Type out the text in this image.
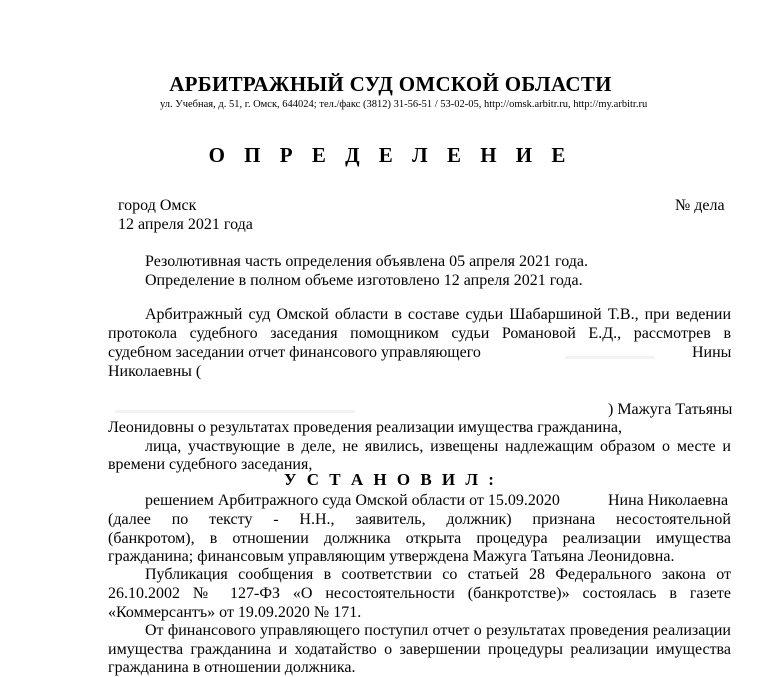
АРБИТРАЖНЫЙ СУД ОМСКОЙ ОБЛАСТИ
ул. Учебная, д. 51, г. Омск, 644024; тел./факс (3812) 31-56-51 / 53-02-05, http://omsk.arbitr.ru, http://my.arbitr.ru
О П Р Е Д Е Л Е Н И Е
город Омск
12 апреля 2021 года
№ дела
Резолютивная часть определения объявлена 05 апреля 2021 года.
Определение в полном объеме изготовлено 12 апреля 2021 года.
Арбитражный суд Омской области в составе судьи Шабаршиной Т.В., при ведении
протокола судебного заседания помощником судьи Романовой Е.Д., рассмотрев в
судебном заседании отчет финансового управляющего	Нины
Николаевны (
) Мажуга Татьяны
Леонидовны о результатах проведения реализации имущества гражданина,
лица, участвующие в деле, не явились, извещены надлежащим образом о месте и
времени судебного заседания,
У С Т А Н О В И Л :
решением Арбитражного суда Омской области от 15.09.2020	Нина Николаевна
(далее по тексту - Н.Н., заявитель, должник) признана несостоятельной
(банкротом), в отношении должника открыта процедура реализации имущества
гражданина; финансовым управляющим утверждена Мажуга Татьяна Леонидовна.
Публикация сообщения в соответствии со статьей 28 Федерального закона от
26.10.2002 № 127-ФЗ «О несостоятельности (банкротстве)» состоялась в газете
«Коммерсантъ» от 19.09.2020 № 171.
От финансового управляющего поступил отчет о результатах проведения реализации
имущества гражданина и ходатайство о завершении процедуры реализации имущества
гражданина в отношении должника.
